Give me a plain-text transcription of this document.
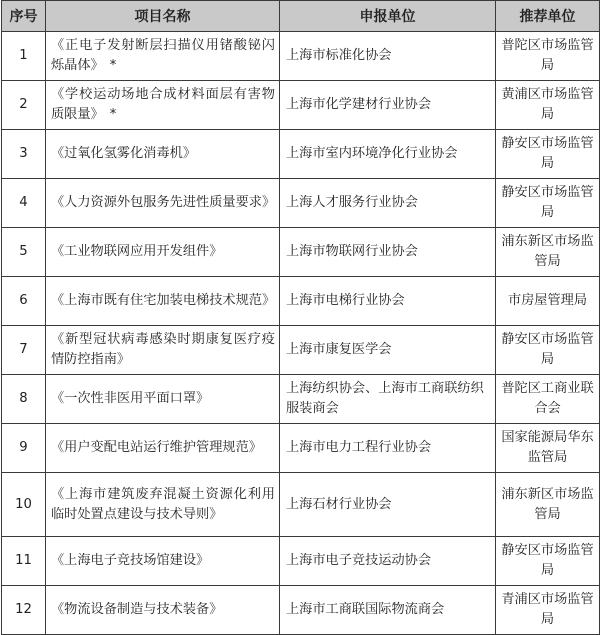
序号	项目名称	申报单位	推荐单位
1	《正电子发射断层扫描仪用锗酸铋闪烁晶体》 *	上海市标准化协会	普陀区市场监管局
2	《学校运动场地合成材料面层有害物质限量》 *	上海市化学建材行业协会	黄浦区市场监管局
3	《过氧化氢雾化消毒机》	上海市室内环境净化行业协会	静安区市场监管局
4	《人力资源外包服务先进性质量要求》	上海人才服务行业协会	静安区市场监管局
5	《工业物联网应用开发组件》	上海市物联网行业协会	浦东新区市场监管局
6	《上海市既有住宅加装电梯技术规范》	上海市电梯行业协会	市房屋管理局
7	《新型冠状病毒感染时期康复医疗疫情防控指南》	上海市康复医学会	静安区市场监管局
8	《一次性非医用平面口罩》	上海纺织协会、上海市工商联纺织服装商会	普陀区工商业联合会
9	《用户变配电站运行维护管理规范》	上海市电力工程行业协会	国家能源局华东监管局
10	《上海市建筑废弃混凝土资源化利用临时处置点建设与技术导则》	上海石材行业协会	浦东新区市场监管局
11	《上海电子竞技场馆建设》	上海市电子竞技运动协会	静安区市场监管局
12	《物流设备制造与技术装备》	上海市工商联国际物流商会	青浦区市场监管局
